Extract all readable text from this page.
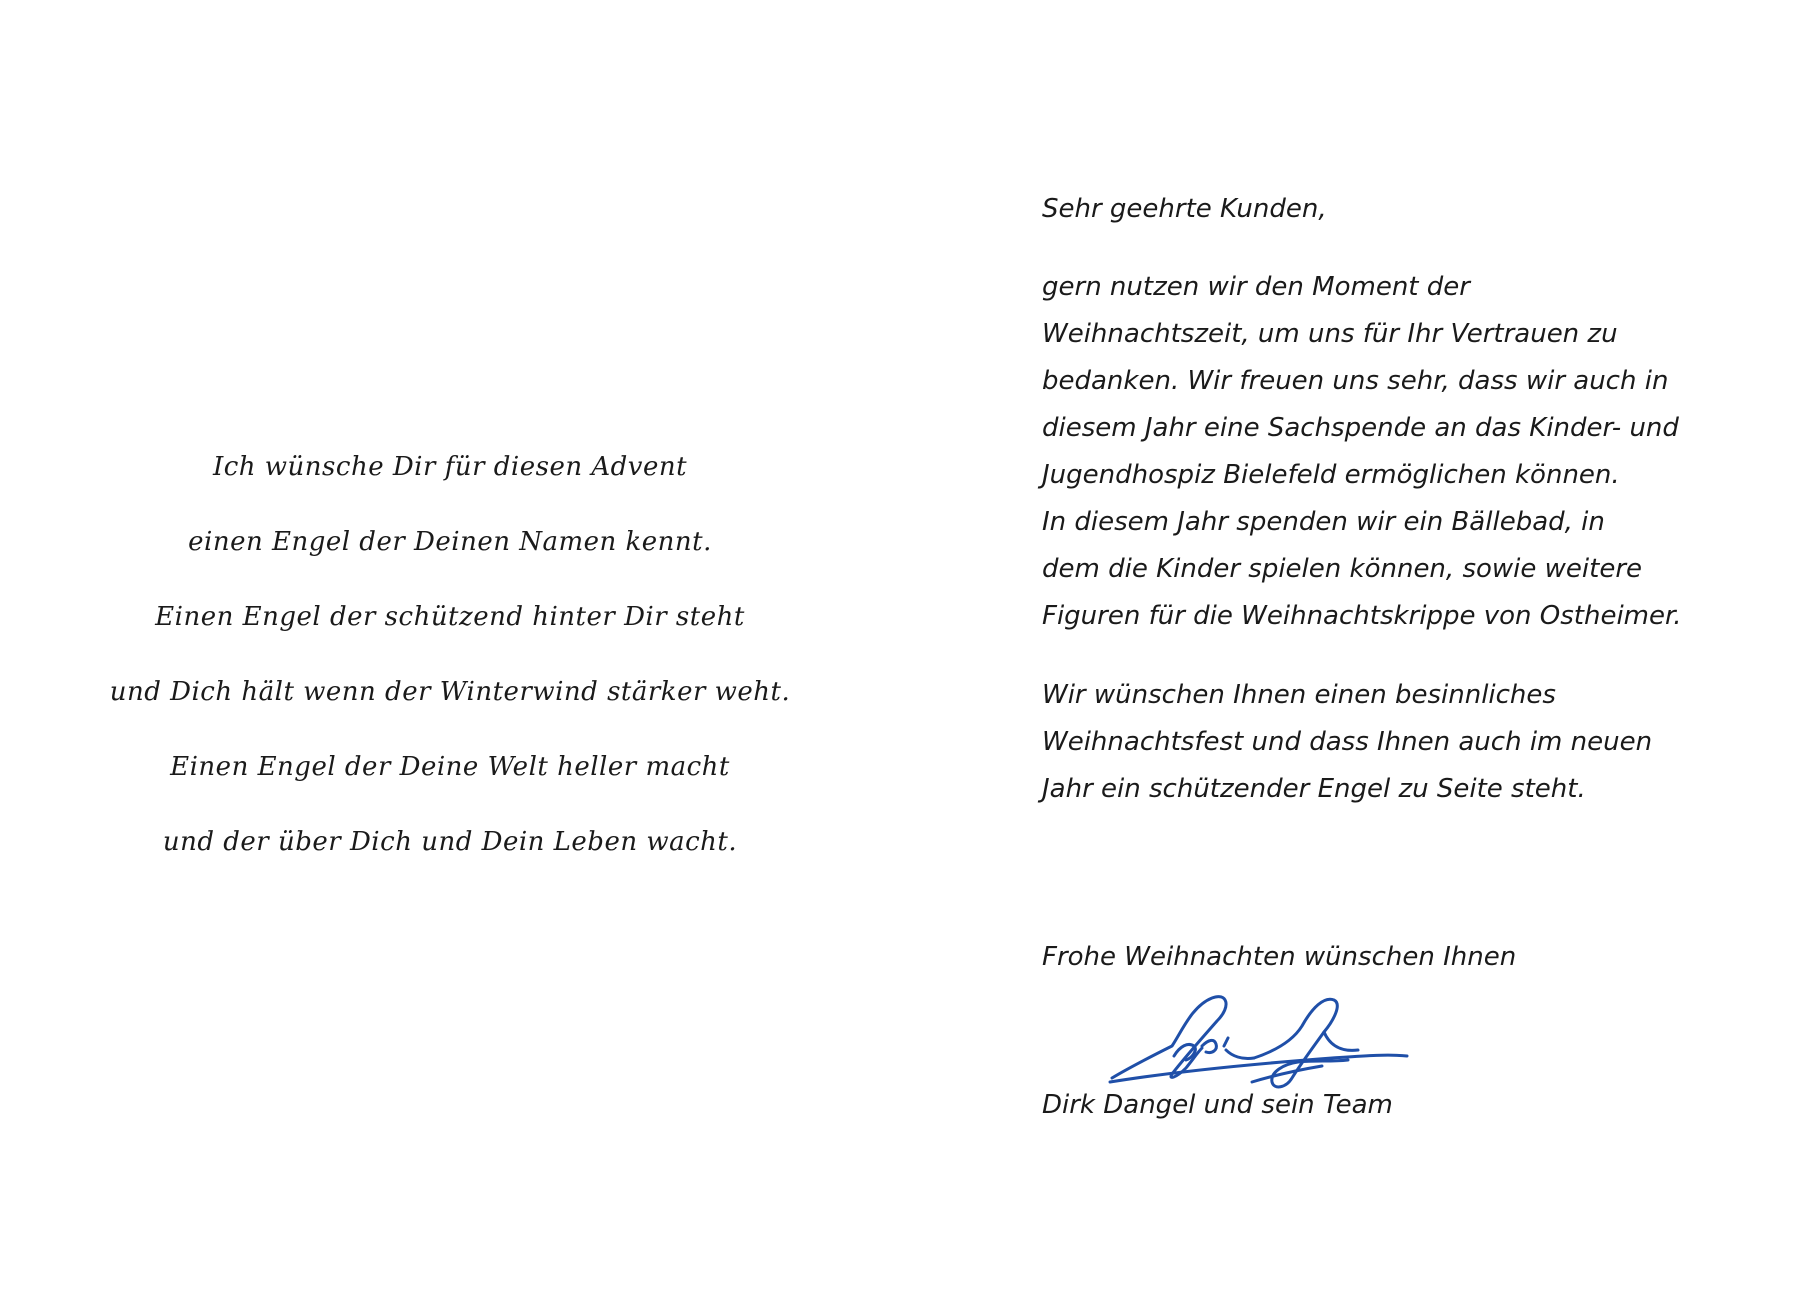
Ich wünsche Dir für diesen Advent
einen Engel der Deinen Namen kennt.
Einen Engel der schützend hinter Dir steht
und Dich hält wenn der Winterwind stärker weht.
Einen Engel der Deine Welt heller macht
und der über Dich und Dein Leben wacht.
Sehr geehrte Kunden,
gern nutzen wir den Moment der
Weihnachtszeit, um uns für Ihr Vertrauen zu
bedanken. Wir freuen uns sehr, dass wir auch in
diesem Jahr eine Sachspende an das Kinder- und
Jugendhospiz Bielefeld ermöglichen können.
In diesem Jahr spenden wir ein Bällebad, in
dem die Kinder spielen können, sowie weitere
Figuren für die Weihnachtskrippe von Ostheimer.
Wir wünschen Ihnen einen besinnliches
Weihnachtsfest und dass Ihnen auch im neuen
Jahr ein schützender Engel zu Seite steht.
Frohe Weihnachten wünschen Ihnen
Dirk Dangel und sein Team
